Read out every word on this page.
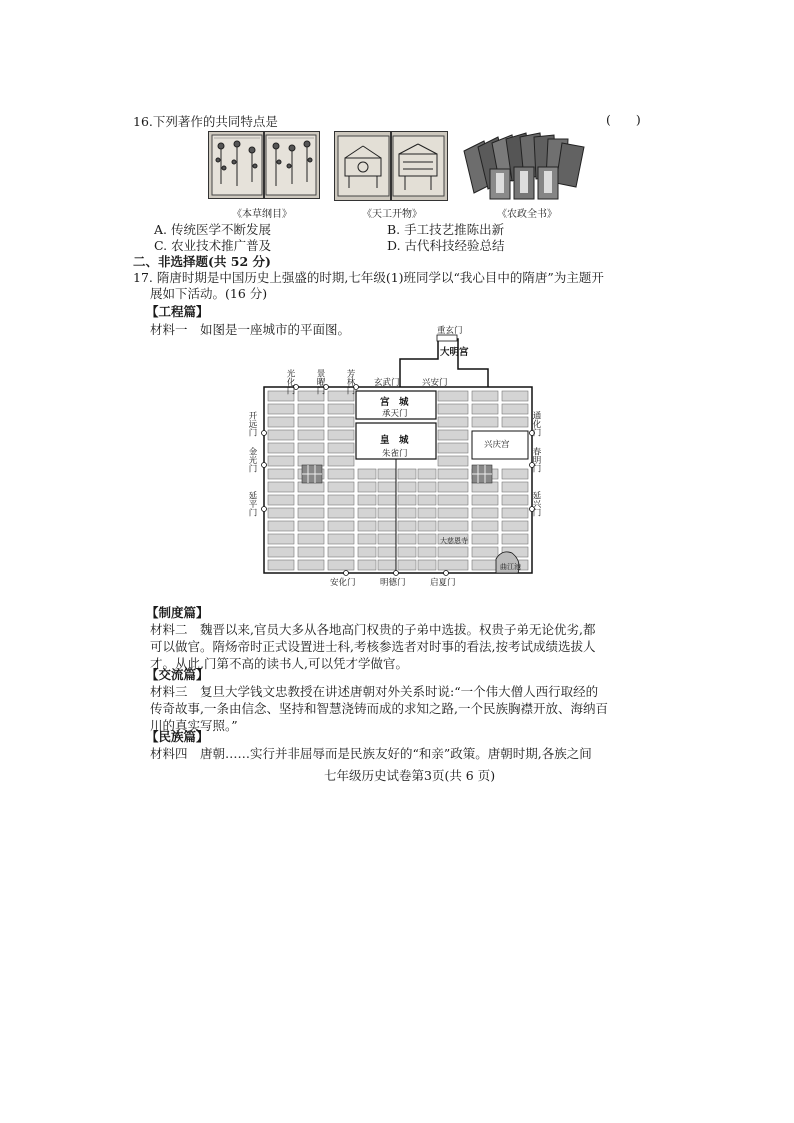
16.下列著作的共同特点是	(　　)
《本草纲目》	《天工开物》	《农政全书》
A. 传统医学不断发展	B. 手工技艺推陈出新
C. 农业技术推广普及	D. 古代科技经验总结
二、非选择题(共 52 分)
17. 隋唐时期是中国历史上强盛的时期,七年级(1)班同学以“我心目中的隋唐”为主题开
展如下活动。(16 分)
【工程篇】
材料一　如图是一座城市的平面图。	重玄门
大明宫
光化门 景曜门 芳林门 玄武门	兴安门
宫　城
承天门
皇　城
朱雀门
开远门
金光门
延平门
通化门
春明门
延兴门
兴庆宫
大慈恩寺
曲江池
安化门	明德门	启夏门
【制度篇】
材料二　魏晋以来,官员大多从各地高门权贵的子弟中选拔。权贵子弟无论优劣,都
可以做官。隋炀帝时正式设置进士科,考核参选者对时事的看法,按考试成绩选拔人
才。从此,门第不高的读书人,可以凭才学做官。
【交流篇】
材料三　复旦大学钱文忠教授在讲述唐朝对外关系时说:“一个伟大僧人西行取经的
传奇故事,一条由信念、坚持和智慧浇铸而成的求知之路,一个民族胸襟开放、海纳百
川的真实写照。”
【民族篇】
材料四　唐朝……实行并非屈辱而是民族友好的“和亲”政策。唐朝时期,各族之间
七年级历史试卷第3页(共 6 页)
